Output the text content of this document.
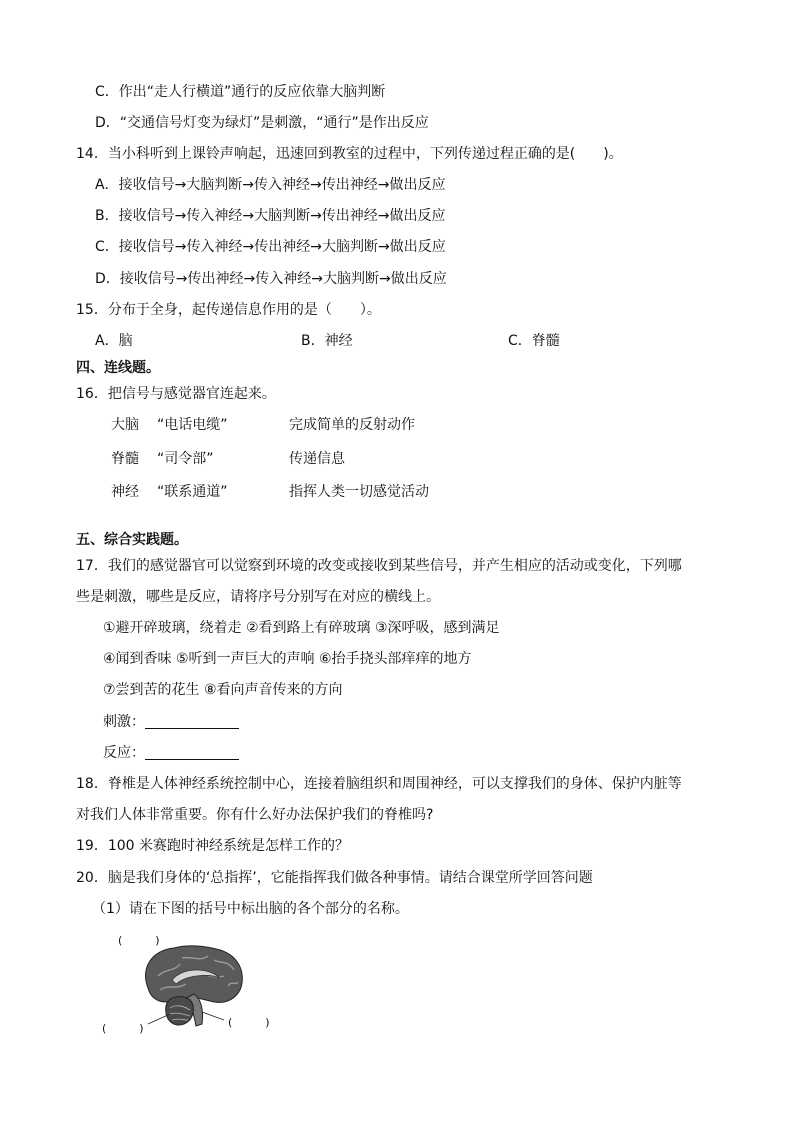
C．作出“走人行横道”通行的反应依靠大脑判断
D．“交通信号灯变为绿灯”是刺激，“通行”是作出反应
14．当小科听到上课铃声响起，迅速回到教室的过程中，下列传递过程正确的是(　　)。
A．接收信号→大脑判断→传入神经→传出神经→做出反应
B．接收信号→传入神经→大脑判断→传出神经→做出反应
C．接收信号→传入神经→传出神经→大脑判断→做出反应
D．接收信号→传出神经→传入神经→大脑判断→做出反应
15．分布于全身，起传递信息作用的是（　　）。
A．脑	B．神经	C．脊髓
四、连线题。
16．把信号与感觉器官连起来。
大脑 “电话电缆”	完成简单的反射动作
脊髓 “司令部”	传递信息
神经 “联系通道”	指挥人类一切感觉活动
五、综合实践题。
17．我们的感觉器官可以觉察到环境的改变或接收到某些信号，并产生相应的活动或变化，下列哪
些是刺激，哪些是反应，请将序号分别写在对应的横线上。
①避开碎玻璃，绕着走 ②看到路上有碎玻璃 ③深呼吸，感到满足
④闻到香味 ⑤听到一声巨大的声响 ⑥抬手挠头部痒痒的地方
⑦尝到苦的花生 ⑧看向声音传来的方向
刺激：
反应：
18．脊椎是人体神经系统控制中心，连接着脑组织和周围神经，可以支撑我们的身体、保护内脏等
对我们人体非常重要。你有什么好办法保护我们的脊椎吗?
19．100 米赛跑时神经系统是怎样工作的？
20．脑是我们身体的‘总指挥’，它能指挥我们做各种事情。请结合课堂所学回答问题
（1）请在下图的括号中标出脑的各个部分的名称。
(　　　)
(　　　)	(　　　)
